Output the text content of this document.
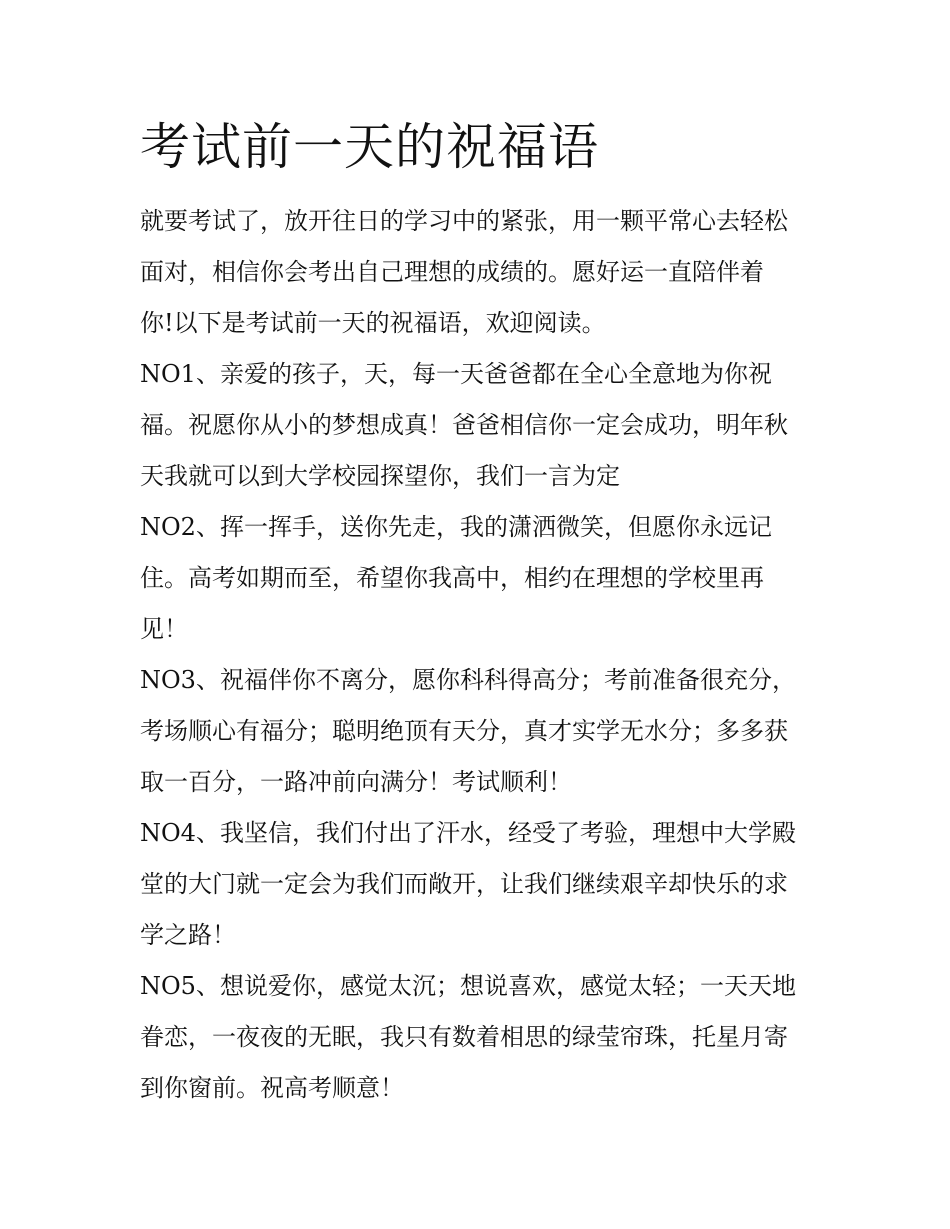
考试前一天的祝福语

就要考试了，放开往日的学习中的紧张，用一颗平常心去轻松
面对，相信你会考出自己理想的成绩的。愿好运一直陪伴着
你!以下是考试前一天的祝福语，欢迎阅读。

NO1、亲爱的孩子，天，每一天爸爸都在全心全意地为你祝
福。祝愿你从小的梦想成真！爸爸相信你一定会成功，明年秋
天我就可以到大学校园探望你，我们一言为定

NO2、挥一挥手，送你先走，我的潇洒微笑，但愿你永远记
住。高考如期而至，希望你我高中，相约在理想的学校里再
见！

NO3、祝福伴你不离分，愿你科科得高分；考前准备很充分，
考场顺心有福分；聪明绝顶有天分，真才实学无水分；多多获
取一百分，一路冲前向满分！考试顺利！

NO4、我坚信，我们付出了汗水，经受了考验，理想中大学殿
堂的大门就一定会为我们而敞开，让我们继续艰辛却快乐的求
学之路！

NO5、想说爱你，感觉太沉；想说喜欢，感觉太轻；一天天地
眷恋，一夜夜的无眠，我只有数着相思的绿莹帘珠，托星月寄
到你窗前。祝高考顺意！
